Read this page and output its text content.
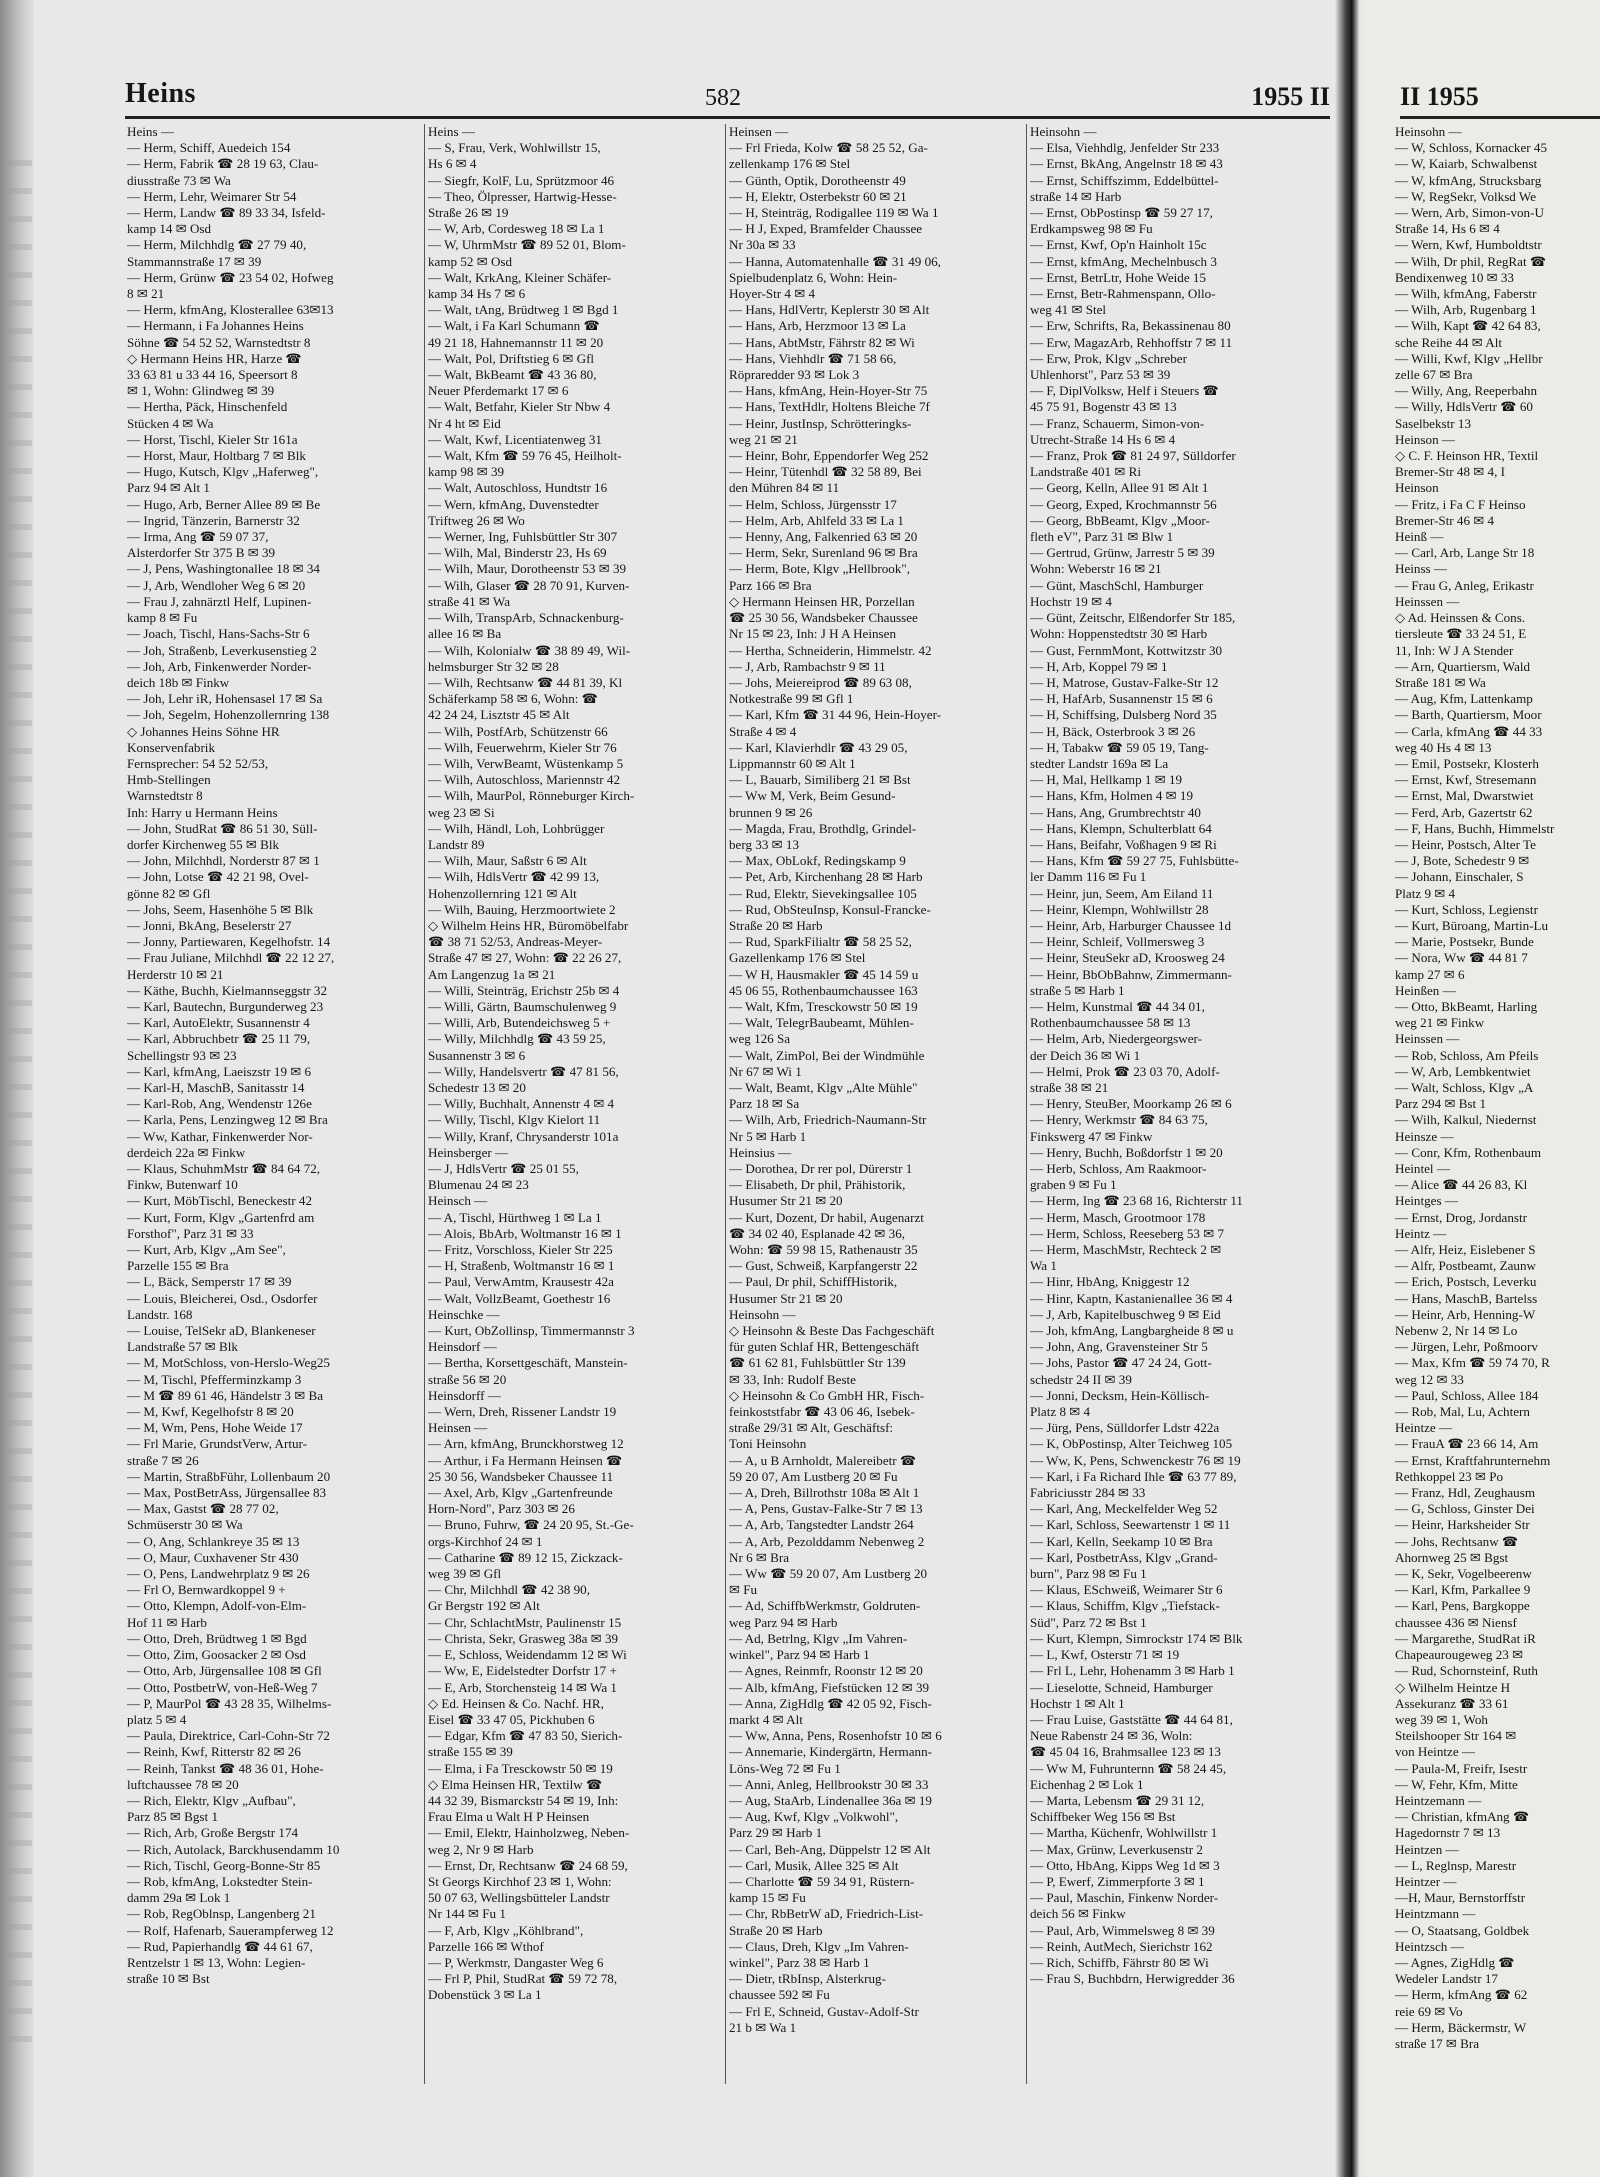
Heins	582	1955 II
Heins —
— Herm, Schiff, Auedeich 154
— Herm, Fabrik ☎ 28 19 63, Clau-
diusstraße 73 ✉ Wa
— Herm, Lehr, Weimarer Str 54
— Herm, Landw ☎ 89 33 34, Isfeld-
kamp 14 ✉ Osd
— Herm, Milchhdlg ☎ 27 79 40,
Stammannstraße 17 ✉ 39
— Herm, Grünw ☎ 23 54 02, Hofweg
8 ✉ 21
— Herm, kfmAng, Klosterallee 63✉13
— Hermann, i Fa Johannes Heins
Söhne ☎ 54 52 52, Warnstedtstr 8
◇ Hermann Heins HR, Harze ☎
33 63 81 u 33 44 16, Speersort 8
✉ 1, Wohn: Glindweg ✉ 39
— Hertha, Päck, Hinschenfeld
Stücken 4 ✉ Wa
— Horst, Tischl, Kieler Str 161a
— Horst, Maur, Holtbarg 7 ✉ Blk
— Hugo, Kutsch, Klgv „Haferweg",
Parz 94 ✉ Alt 1
— Hugo, Arb, Berner Allee 89 ✉ Be
— Ingrid, Tänzerin, Barnerstr 32
— Irma, Ang ☎ 59 07 37,
Alsterdorfer Str 375 B ✉ 39
— J, Pens, Washingtonallee 18 ✉ 34
— J, Arb, Wendloher Weg 6 ✉ 20
— Frau J, zahnärztl Helf, Lupinen-
kamp 8 ✉ Fu
— Joach, Tischl, Hans-Sachs-Str 6
— Joh, Straßenb, Leverkusenstieg 2
— Joh, Arb, Finkenwerder Norder-
deich 18b ✉ Finkw
— Joh, Lehr iR, Hohensasel 17 ✉ Sa
— Joh, Segelm, Hohenzollernring 138
◇ Johannes Heins Söhne HR
Konservenfabrik
Fernsprecher: 54 52 52/53,
Hmb-Stellingen
Warnstedtstr 8
Inh: Harry u Hermann Heins
— John, StudRat ☎ 86 51 30, Süll-
dorfer Kirchenweg 55 ✉ Blk
— John, Milchhdl, Norderstr 87 ✉ 1
— John, Lotse ☎ 42 21 98, Ovel-
gönne 82 ✉ Gfl
— Johs, Seem, Hasenhöhe 5 ✉ Blk
— Jonni, BkAng, Beselerstr 27
— Jonny, Partiewaren, Kegelhofstr. 14
— Frau Juliane, Milchhdl ☎ 22 12 27,
Herderstr 10 ✉ 21
— Käthe, Buchh, Kielmannseggstr 32
— Karl, Bautechn, Burgunderweg 23
— Karl, AutoElektr, Susannenstr 4
— Karl, Abbruchbetr ☎ 25 11 79,
Schellingstr 93 ✉ 23
— Karl, kfmAng, Laeiszstr 19 ✉ 6
— Karl-H, MaschB, Sanitasstr 14
— Karl-Rob, Ang, Wendenstr 126e
— Karla, Pens, Lenzingweg 12 ✉ Bra
— Ww, Kathar, Finkenwerder Nor-
derdeich 22a ✉ Finkw
— Klaus, SchuhmMstr ☎ 84 64 72,
Finkw, Butenwarf 10
— Kurt, MöbTischl, Beneckestr 42
— Kurt, Form, Klgv „Gartenfrd am
Forsthof", Parz 31 ✉ 33
— Kurt, Arb, Klgv „Am See",
Parzelle 155 ✉ Bra
— L, Bäck, Semperstr 17 ✉ 39
— Louis, Bleicherei, Osd., Osdorfer
Landstr. 168
— Louise, TelSekr aD, Blankeneser
Landstraße 57 ✉ Blk
— M, MotSchloss, von-Herslo-Weg25
— M, Tischl, Pfefferminzkamp 3
— M ☎ 89 61 46, Händelstr 3 ✉ Ba
— M, Kwf, Kegelhofstr 8 ✉ 20
— M, Wm, Pens, Hohe Weide 17
— Frl Marie, GrundstVerw, Artur-
straße 7 ✉ 26
— Martin, StraßbFühr, Lollenbaum 20
— Max, PostBetrAss, Jürgensallee 83
— Max, Gastst ☎ 28 77 02,
Schmüserstr 30 ✉ Wa
— O, Ang, Schlankreye 35 ✉ 13
— O, Maur, Cuxhavener Str 430
— O, Pens, Landwehrplatz 9 ✉ 26
— Frl O, Bernwardkoppel 9 +
— Otto, Klempn, Adolf-von-Elm-
Hof 11 ✉ Harb
— Otto, Dreh, Brüdtweg 1 ✉ Bgd
— Otto, Zim, Goosacker 2 ✉ Osd
— Otto, Arb, Jürgensallee 108 ✉ Gfl
— Otto, PostbetrW, von-Heß-Weg 7
— P, MaurPol ☎ 43 28 35, Wilhelms-
platz 5 ✉ 4
— Paula, Direktrice, Carl-Cohn-Str 72
— Reinh, Kwf, Ritterstr 82 ✉ 26
— Reinh, Tankst ☎ 48 36 01, Hohe-
luftchaussee 78 ✉ 20
— Rich, Elektr, Klgv „Aufbau",
Parz 85 ✉ Bgst 1
— Rich, Arb, Große Bergstr 174
— Rich, Autolack, Barckhusendamm 10
— Rich, Tischl, Georg-Bonne-Str 85
— Rob, kfmAng, Lokstedter Stein-
damm 29a ✉ Lok 1
— Rob, RegOblnsp, Langenberg 21
— Rolf, Hafenarb, Sauerampferweg 12
— Rud, Papierhandlg ☎ 44 61 67,
Rentzelstr 1 ✉ 13, Wohn: Legien-
straße 10 ✉ Bst
Heins —
— S, Frau, Verk, Wohlwillstr 15,
Hs 6 ✉ 4
— Siegfr, KolF, Lu, Sprützmoor 46
— Theo, Ölpresser, Hartwig-Hesse-
Straße 26 ✉ 19
— W, Arb, Cordesweg 18 ✉ La 1
— W, UhrmMstr ☎ 89 52 01, Blom-
kamp 52 ✉ Osd
— Walt, KrkAng, Kleiner Schäfer-
kamp 34 Hs 7 ✉ 6
— Walt, tAng, Brüdtweg 1 ✉ Bgd 1
— Walt, i Fa Karl Schumann ☎
49 21 18, Hahnemannstr 11 ✉ 20
— Walt, Pol, Driftstieg 6 ✉ Gfl
— Walt, BkBeamt ☎ 43 36 80,
Neuer Pferdemarkt 17 ✉ 6
— Walt, Betfahr, Kieler Str Nbw 4
Nr 4 ht ✉ Eid
— Walt, Kwf, Licentiatenweg 31
— Walt, Kfm ☎ 59 76 45, Heilholt-
kamp 98 ✉ 39
— Walt, Autoschloss, Hundtstr 16
— Wern, kfmAng, Duvenstedter
Triftweg 26 ✉ Wo
— Werner, Ing, Fuhlsbüttler Str 307
— Wilh, Mal, Binderstr 23, Hs 69
— Wilh, Maur, Dorotheenstr 53 ✉ 39
— Wilh, Glaser ☎ 28 70 91, Kurven-
straße 41 ✉ Wa
— Wilh, TranspArb, Schnackenburg-
allee 16 ✉ Ba
— Wilh, Kolonialw ☎ 38 89 49, Wil-
helmsburger Str 32 ✉ 28
— Wilh, Rechtsanw ☎ 44 81 39, Kl
Schäferkamp 58 ✉ 6, Wohn: ☎
42 24 24, Lisztstr 45 ✉ Alt
— Wilh, PostfArb, Schützenstr 66
— Wilh, Feuerwehrm, Kieler Str 76
— Wilh, VerwBeamt, Wüstenkamp 5
— Wilh, Autoschloss, Mariennstr 42
— Wilh, MaurPol, Rönneburger Kirch-
weg 23 ✉ Si
— Wilh, Händl, Loh, Lohbrügger
Landstr 89
— Wilh, Maur, Saßstr 6 ✉ Alt
— Wilh, HdlsVertr ☎ 42 99 13,
Hohenzollernring 121 ✉ Alt
— Wilh, Bauing, Herzmoortwiete 2
◇ Wilhelm Heins HR, Büromöbelfabr
☎ 38 71 52/53, Andreas-Meyer-
Straße 47 ✉ 27, Wohn: ☎ 22 26 27,
Am Langenzug 1a ✉ 21
— Willi, Steinträg, Erichstr 25b ✉ 4
— Willi, Gärtn, Baumschulenweg 9
— Willi, Arb, Butendeichsweg 5 +
— Willy, Milchhdlg ☎ 43 59 25,
Susannenstr 3 ✉ 6
— Willy, Handelsvertr ☎ 47 81 56,
Schedestr 13 ✉ 20
— Willy, Buchhalt, Annenstr 4 ✉ 4
— Willy, Tischl, Klgv Kielort 11
— Willy, Kranf, Chrysanderstr 101a
Heinsberger —
— J, HdlsVertr ☎ 25 01 55,
Blumenau 24 ✉ 23
Heinsch —
— A, Tischl, Hürthweg 1 ✉ La 1
— Alois, BbArb, Woltmanstr 16 ✉ 1
— Fritz, Vorschloss, Kieler Str 225
— H, Straßenb, Woltmanstr 16 ✉ 1
— Paul, VerwAmtm, Krausestr 42a
— Walt, VollzBeamt, Goethestr 16
Heinschke —
— Kurt, ObZollinsp, Timmermannstr 3
Heinsdorf —
— Bertha, Korsettgeschäft, Manstein-
straße 56 ✉ 20
Heinsdorff —
— Wern, Dreh, Rissener Landstr 19
Heinsen —
— Arn, kfmAng, Brunckhorstweg 12
— Arthur, i Fa Hermann Heinsen ☎
25 30 56, Wandsbeker Chaussee 11
— Axel, Arb, Klgv „Gartenfreunde
Horn-Nord", Parz 303 ✉ 26
— Bruno, Fuhrw, ☎ 24 20 95, St.-Ge-
orgs-Kirchhof 24 ✉ 1
— Catharine ☎ 89 12 15, Zickzack-
weg 39 ✉ Gfl
— Chr, Milchhdl ☎ 42 38 90,
Gr Bergstr 192 ✉ Alt
— Chr, SchlachtMstr, Paulinenstr 15
— Christa, Sekr, Grasweg 38a ✉ 39
— E, Schloss, Weidendamm 12 ✉ Wi
— Ww, E, Eidelstedter Dorfstr 17 +
— E, Arb, Storchensteig 14 ✉ Wa 1
◇ Ed. Heinsen & Co. Nachf. HR,
Eisel ☎ 33 47 05, Pickhuben 6
— Edgar, Kfm ☎ 47 83 50, Sierich-
straße 155 ✉ 39
— Elma, i Fa Tresckowstr 50 ✉ 19
◇ Elma Heinsen HR, Textilw ☎
44 32 39, Bismarckstr 54 ✉ 19, Inh:
Frau Elma u Walt H P Heinsen
— Emil, Elektr, Hainholzweg, Neben-
weg 2, Nr 9 ✉ Harb
— Ernst, Dr, Rechtsanw ☎ 24 68 59,
St Georgs Kirchhof 23 ✉ 1, Wohn:
50 07 63, Wellingsbütteler Landstr
Nr 144 ✉ Fu 1
— F, Arb, Klgv „Köhlbrand",
Parzelle 166 ✉ Wthof
— P, Werkmstr, Dangaster Weg 6
— Frl P, Phil, StudRat ☎ 59 72 78,
Dobenstück 3 ✉ La 1
Heinsen —
— Frl Frieda, Kolw ☎ 58 25 52, Ga-
zellenkamp 176 ✉ Stel
— Günth, Optik, Dorotheenstr 49
— H, Elektr, Osterbekstr 60 ✉ 21
— H, Steinträg, Rodigallee 119 ✉ Wa 1
— H J, Exped, Bramfelder Chaussee
Nr 30a ✉ 33
— Hanna, Automatenhalle ☎ 31 49 06,
Spielbudenplatz 6, Wohn: Hein-
Hoyer-Str 4 ✉ 4
— Hans, HdlVertr, Keplerstr 30 ✉ Alt
— Hans, Arb, Herzmoor 13 ✉ La
— Hans, AbtMstr, Fährstr 82 ✉ Wi
— Hans, Viehhdlr ☎ 71 58 66,
Röpraredder 93 ✉ Lok 3
— Hans, kfmAng, Hein-Hoyer-Str 75
— Hans, TextHdlr, Holtens Bleiche 7f
— Heinr, JustInsp, Schrötteringks-
weg 21 ✉ 21
— Heinr, Bohr, Eppendorfer Weg 252
— Heinr, Tütenhdl ☎ 32 58 89, Bei
den Mühren 84 ✉ 11
— Helm, Schloss, Jürgensstr 17
— Helm, Arb, Ahlfeld 33 ✉ La 1
— Henny, Ang, Falkenried 63 ✉ 20
— Herm, Sekr, Surenland 96 ✉ Bra
— Herm, Bote, Klgv „Hellbrook",
Parz 166 ✉ Bra
◇ Hermann Heinsen HR, Porzellan
☎ 25 30 56, Wandsbeker Chaussee
Nr 15 ✉ 23, Inh: J H A Heinsen
— Hertha, Schneiderin, Himmelstr. 42
— J, Arb, Rambachstr 9 ✉ 11
— Johs, Meiereiprod ☎ 89 63 08,
Notkestraße 99 ✉ Gfl 1
— Karl, Kfm ☎ 31 44 96, Hein-Hoyer-
Straße 4 ✉ 4
— Karl, Klavierhdlr ☎ 43 29 05,
Lippmannstr 60 ✉ Alt 1
— L, Bauarb, Similiberg 21 ✉ Bst
— Ww M, Verk, Beim Gesund-
brunnen 9 ✉ 26
— Magda, Frau, Brothdlg, Grindel-
berg 33 ✉ 13
— Max, ObLokf, Redingskamp 9
— Pet, Arb, Kirchenhang 28 ✉ Harb
— Rud, Elektr, Sievekingsallee 105
— Rud, ObSteuInsp, Konsul-Francke-
Straße 20 ✉ Harb
— Rud, SparkFilialtr ☎ 58 25 52,
Gazellenkamp 176 ✉ Stel
— W H, Hausmakler ☎ 45 14 59 u
45 06 55, Rothenbaumchaussee 163
— Walt, Kfm, Tresckowstr 50 ✉ 19
— Walt, TelegrBaubeamt, Mühlen-
weg 126 Sa
— Walt, ZimPol, Bei der Windmühle
Nr 67 ✉ Wi 1
— Walt, Beamt, Klgv „Alte Mühle"
Parz 18 ✉ Sa
— Wilh, Arb, Friedrich-Naumann-Str
Nr 5 ✉ Harb 1
Heinsius —
— Dorothea, Dr rer pol, Dürerstr 1
— Elisabeth, Dr phil, Prähistorik,
Husumer Str 21 ✉ 20
— Kurt, Dozent, Dr habil, Augenarzt
☎ 34 02 40, Esplanade 42 ✉ 36,
Wohn: ☎ 59 98 15, Rathenaustr 35
— Gust, Schweiß, Karpfangerstr 22
— Paul, Dr phil, SchiffHistorik,
Husumer Str 21 ✉ 20
Heinsohn —
◇ Heinsohn & Beste Das Fachgeschäft
für guten Schlaf HR, Bettengeschäft
☎ 61 62 81, Fuhlsbüttler Str 139
✉ 33, Inh: Rudolf Beste
◇ Heinsohn & Co GmbH HR, Fisch-
feinkoststfabr ☎ 43 06 46, Isebek-
straße 29/31 ✉ Alt, Geschäftsf:
Toni Heinsohn
— A, u B Arnholdt, Malereibetr ☎
59 20 07, Am Lustberg 20 ✉ Fu
— A, Dreh, Billrothstr 108a ✉ Alt 1
— A, Pens, Gustav-Falke-Str 7 ✉ 13
— A, Arb, Tangstedter Landstr 264
— A, Arb, Pezolddamm Nebenweg 2
Nr 6 ✉ Bra
— Ww ☎ 59 20 07, Am Lustberg 20
✉ Fu
— Ad, SchiffbWerkmstr, Goldruten-
weg Parz 94 ✉ Harb
— Ad, Betrlng, Klgv „Im Vahren-
winkel", Parz 94 ✉ Harb 1
— Agnes, Reinmfr, Roonstr 12 ✉ 20
— Alb, kfmAng, Fiefstücken 12 ✉ 39
— Anna, ZigHdlg ☎ 42 05 92, Fisch-
markt 4 ✉ Alt
— Ww, Anna, Pens, Rosenhofstr 10 ✉ 6
— Annemarie, Kindergärtn, Hermann-
Löns-Weg 72 ✉ Fu 1
— Anni, Anleg, Hellbrookstr 30 ✉ 33
— Aug, StaArb, Lindenallee 36a ✉ 19
— Aug, Kwf, Klgv „Volkwohl",
Parz 29 ✉ Harb 1
— Carl, Beh-Ang, Düppelstr 12 ✉ Alt
— Carl, Musik, Allee 325 ✉ Alt
— Charlotte ☎ 59 34 91, Rüstern-
kamp 15 ✉ Fu
— Chr, RbBetrW aD, Friedrich-List-
Straße 20 ✉ Harb
— Claus, Dreh, Klgv „Im Vahren-
winkel", Parz 38 ✉ Harb 1
— Dietr, tRbInsp, Alsterkrug-
chaussee 592 ✉ Fu
— Frl E, Schneid, Gustav-Adolf-Str
21 b ✉ Wa 1
Heinsohn —
— Elsa, Viehhdlg, Jenfelder Str 233
— Ernst, BkAng, Angelnstr 18 ✉ 43
— Ernst, Schiffszimm, Eddelbüttel-
straße 14 ✉ Harb
— Ernst, ObPostinsp ☎ 59 27 17,
Erdkampsweg 98 ✉ Fu
— Ernst, Kwf, Op'n Hainholt 15c
— Ernst, kfmAng, Mechelnbusch 3
— Ernst, BetrLtr, Hohe Weide 15
— Ernst, Betr-Rahmenspann, Ollo-
weg 41 ✉ Stel
— Erw, Schrifts, Ra, Bekassinenau 80
— Erw, MagazArb, Rehhoffstr 7 ✉ 11
— Erw, Prok, Klgv „Schreber
Uhlenhorst", Parz 53 ✉ 39
— F, DiplVolksw, Helf i Steuers ☎
45 75 91, Bogenstr 43 ✉ 13
— Franz, Schauerm, Simon-von-
Utrecht-Straße 14 Hs 6 ✉ 4
— Franz, Prok ☎ 81 24 97, Sülldorfer
Landstraße 401 ✉ Ri
— Georg, Kelln, Allee 91 ✉ Alt 1
— Georg, Exped, Krochmannstr 56
— Georg, BbBeamt, Klgv „Moor-
fleth eV", Parz 31 ✉ Blw 1
— Gertrud, Grünw, Jarrestr 5 ✉ 39
Wohn: Weberstr 16 ✉ 21
— Günt, MaschSchl, Hamburger
Hochstr 19 ✉ 4
— Günt, Zeitschr, Elßendorfer Str 185,
Wohn: Hoppenstedtstr 30 ✉ Harb
— Gust, FernmMont, Kottwitzstr 30
— H, Arb, Koppel 79 ✉ 1
— H, Matrose, Gustav-Falke-Str 12
— H, HafArb, Susannenstr 15 ✉ 6
— H, Schiffsing, Dulsberg Nord 35
— H, Bäck, Osterbrook 3 ✉ 26
— H, Tabakw ☎ 59 05 19, Tang-
stedter Landstr 169a ✉ La
— H, Mal, Hellkamp 1 ✉ 19
— Hans, Kfm, Holmen 4 ✉ 19
— Hans, Ang, Grumbrechtstr 40
— Hans, Klempn, Schulterblatt 64
— Hans, Beifahr, Voßhagen 9 ✉ Ri
— Hans, Kfm ☎ 59 27 75, Fuhlsbütte-
ler Damm 116 ✉ Fu 1
— Heinr, jun, Seem, Am Eiland 11
— Heinr, Klempn, Wohlwillstr 28
— Heinr, Arb, Harburger Chaussee 1d
— Heinr, Schleif, Vollmersweg 3
— Heinr, SteuSekr aD, Kroosweg 24
— Heinr, BbObBahnw, Zimmermann-
straße 5 ✉ Harb 1
— Helm, Kunstmal ☎ 44 34 01,
Rothenbaumchaussee 58 ✉ 13
— Helm, Arb, Niedergeorgswer-
der Deich 36 ✉ Wi 1
— Helmi, Prok ☎ 23 03 70, Adolf-
straße 38 ✉ 21
— Henry, SteuBer, Moorkamp 26 ✉ 6
— Henry, Werkmstr ☎ 84 63 75,
Finkswerg 47 ✉ Finkw
— Henry, Buchh, Boßdorfstr 1 ✉ 20
— Herb, Schloss, Am Raakmoor-
graben 9 ✉ Fu 1
— Herm, Ing ☎ 23 68 16, Richterstr 11
— Herm, Masch, Grootmoor 178
— Herm, Schloss, Reeseberg 53 ✉ 7
— Herm, MaschMstr, Rechteck 2 ✉
Wa 1
— Hinr, HbAng, Kniggestr 12
— Hinr, Kaptn, Kastanienallee 36 ✉ 4
— J, Arb, Kapitelbuschweg 9 ✉ Eid
— Joh, kfmAng, Langbargheide 8 ✉ u
— John, Ang, Gravensteiner Str 5
— Johs, Pastor ☎ 47 24 24, Gott-
schedstr 24 II ✉ 39
— Jonni, Decksm, Hein-Köllisch-
Platz 8 ✉ 4
— Jürg, Pens, Sülldorfer Ldstr 422a
— K, ObPostinsp, Alter Teichweg 105
— Ww, K, Pens, Schwenckestr 76 ✉ 19
— Karl, i Fa Richard Ihle ☎ 63 77 89,
Fabriciusstr 284 ✉ 33
— Karl, Ang, Meckelfelder Weg 52
— Karl, Schloss, Seewartenstr 1 ✉ 11
— Karl, Kelln, Seekamp 10 ✉ Bra
— Karl, PostbetrAss, Klgv „Grand-
burn", Parz 98 ✉ Fu 1
— Klaus, ESchweiß, Weimarer Str 6
— Klaus, Schiffm, Klgv „Tiefstack-
Süd", Parz 72 ✉ Bst 1
— Kurt, Klempn, Simrockstr 174 ✉ Blk
— L, Kwf, Osterstr 71 ✉ 19
— Frl L, Lehr, Hohenamm 3 ✉ Harb 1
— Lieselotte, Schneid, Hamburger
Hochstr 1 ✉ Alt 1
— Frau Luise, Gaststätte ☎ 44 64 81,
Neue Rabenstr 24 ✉ 36, Woln:
☎ 45 04 16, Brahmsallee 123 ✉ 13
— Ww M, Fuhrunternn ☎ 58 24 45,
Eichenhag 2 ✉ Lok 1
— Marta, Lebensm ☎ 29 31 12,
Schiffbeker Weg 156 ✉ Bst
— Martha, Küchenfr, Wohlwillstr 1
— Max, Grünw, Leverkusenstr 2
— Otto, HbAng, Kipps Weg 1d ✉ 3
— P, Ewerf, Zimmerpforte 3 ✉ 1
— Paul, Maschin, Finkenw Norder-
deich 56 ✉ Finkw
— Paul, Arb, Wimmelsweg 8 ✉ 39
— Reinh, AutMech, Sierichstr 162
— Rich, Schiffb, Fährstr 80 ✉ Wi
— Frau S, Buchbdrn, Herwigredder 36
II 1955
Heinsohn —
— W, Schloss, Kornacker 45
— W, Kaiarb, Schwalbenst
— W, kfmAng, Strucksbarg
— W, RegSekr, Volksd We
— Wern, Arb, Simon-von-U
Straße 14, Hs 6 ✉ 4
— Wern, Kwf, Humboldtstr
— Wilh, Dr phil, RegRat ☎
Bendixenweg 10 ✉ 33
— Wilh, kfmAng, Faberstr
— Wilh, Arb, Rugenbarg 1
— Wilh, Kapt ☎ 42 64 83,
sche Reihe 44 ✉ Alt
— Willi, Kwf, Klgv „Hellbr
zelle 67 ✉ Bra
— Willy, Ang, Reeperbahn
— Willy, HdlsVertr ☎ 60
Saselbekstr 13
Heinson —
◇ C. F. Heinson HR, Textil
Bremer-Str 48 ✉ 4, I
Heinson
— Fritz, i Fa C F Heinso
Bremer-Str 46 ✉ 4
Heinß —
— Carl, Arb, Lange Str 18
Heinss —
— Frau G, Anleg, Erikastr
Heinssen —
◇ Ad. Heinssen & Cons.
tiersleute ☎ 33 24 51, E
11, Inh: W J A Stender
— Arn, Quartiersm, Wald
Straße 181 ✉ Wa
— Aug, Kfm, Lattenkamp
— Barth, Quartiersm, Moor
— Carla, kfmAng ☎ 44 33
weg 40 Hs 4 ✉ 13
— Emil, Postsekr, Klosterh
— Ernst, Kwf, Stresemann
— Ernst, Mal, Dwarstwiet
— Ferd, Arb, Gazertstr 62
— F, Hans, Buchh, Himmelstr
— Heinr, Postsch, Alter Te
— J, Bote, Schedestr 9 ✉
— Johann, Einschaler, S
Platz 9 ✉ 4
— Kurt, Schloss, Legienstr
— Kurt, Büroang, Martin-Lu
— Marie, Postsekr, Bunde
— Nora, Ww ☎ 44 81 7
kamp 27 ✉ 6
Heinßen —
— Otto, BkBeamt, Harling
weg 21 ✉ Finkw
Heinssen —
— Rob, Schloss, Am Pfeils
— W, Arb, Lembkentwiet
— Walt, Schloss, Klgv „A
Parz 294 ✉ Bst 1
— Wilh, Kalkul, Niedernst
Heinsze —
— Conr, Kfm, Rothenbaum
Heintel —
— Alice ☎ 44 26 83, Kl
Heintges —
— Ernst, Drog, Jordanstr
Heintz —
— Alfr, Heiz, Eislebener S
— Alfr, Postbeamt, Zaunw
— Erich, Postsch, Leverku
— Hans, MaschB, Bartelss
— Heinr, Arb, Henning-W
Nebenw 2, Nr 14 ✉ Lo
— Jürgen, Lehr, Poßmoorv
— Max, Kfm ☎ 59 74 70, R
weg 12 ✉ 33
— Paul, Schloss, Allee 184
— Rob, Mal, Lu, Achtern
Heintze —
— FrauA ☎ 23 66 14, Am
— Ernst, Kraftfahrunternehm
Rethkoppel 23 ✉ Po
— Franz, Hdl, Zeughausm
— G, Schloss, Ginster Dei
— Heinr, Harksheider Str
— Johs, Rechtsanw ☎
Ahornweg 25 ✉ Bgst
— K, Sekr, Vogelbeerenw
— Karl, Kfm, Parkallee 9
— Karl, Pens, Bargkoppe
chaussee 436 ✉ Niensf
— Margarethe, StudRat iR
Chapeaurougeweg 23 ✉
— Rud, Schornsteinf, Ruth
◇ Wilhelm Heintze H
Assekuranz ☎ 33 61
weg 39 ✉ 1, Woh
Steilshooper Str 164 ✉
von Heintze —
— Paula-M, Freifr, Isestr
— W, Fehr, Kfm, Mitte
Heintzemann —
— Christian, kfmAng ☎
Hagedornstr 7 ✉ 13
Heintzen —
— L, Reglnsp, Marestr
Heintzer —
—H, Maur, Bernstorffstr
Heintzmann —
— O, Staatsang, Goldbek
Heintzsch —
— Agnes, ZigHdlg ☎
Wedeler Landstr 17
— Herm, kfmAng ☎ 62
reie 69 ✉ Vo
— Herm, Bäckermstr, W
straße 17 ✉ Bra
